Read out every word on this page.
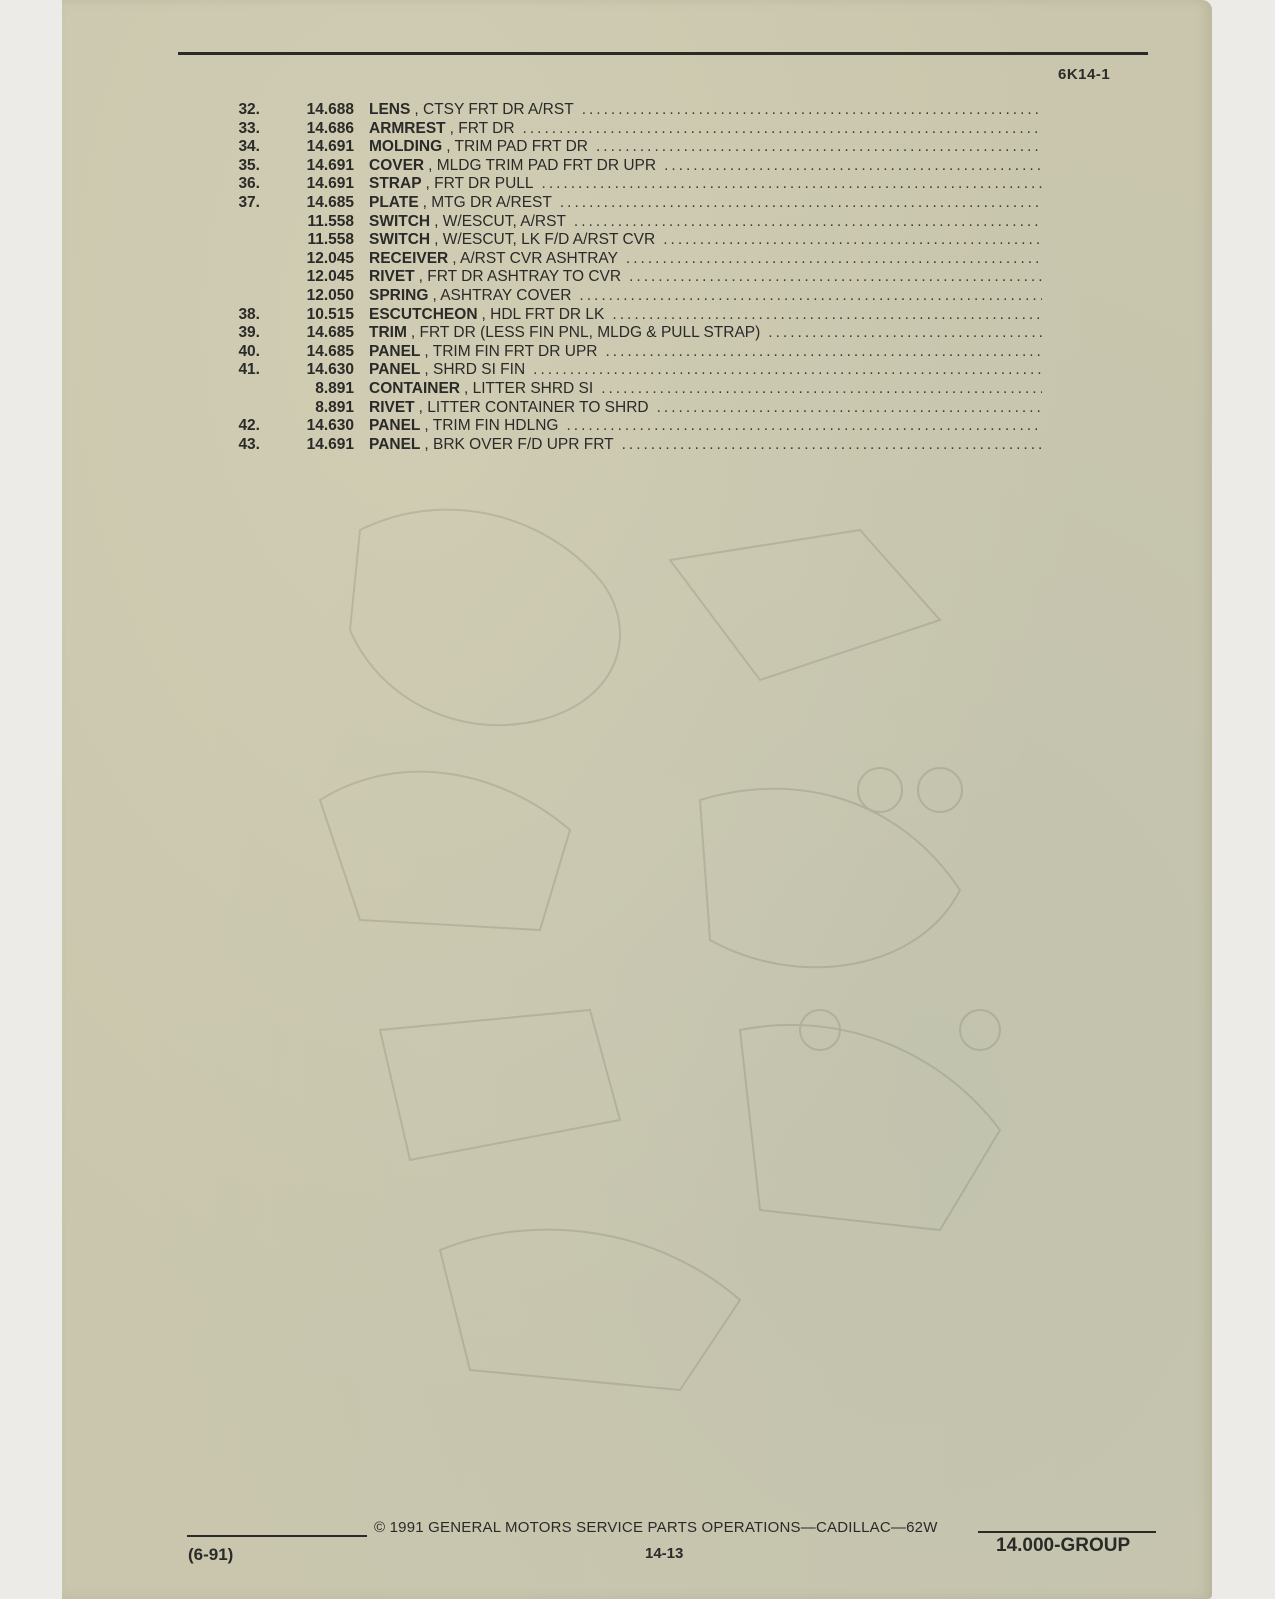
6K14-1
32.	14.688 LENS , CTSY FRT DR A/RST
.....
33.	14.686 ARMREST , FRT DR
.....
34.	14.691 MOLDING , TRIM PAD FRT DR
.....
35.	14.691 COVER , MLDG TRIM PAD FRT DR UPR
.....
36.	14.691 STRAP , FRT DR PULL
.....
37.	14.685 PLATE , MTG DR A/REST
.....
11.558 SWITCH , W/ESCUT, A/RST
.....
11.558 SWITCH , W/ESCUT, LK F/D A/RST CVR
.....
12.045 RECEIVER , A/RST CVR ASHTRAY
.....
12.045 RIVET , FRT DR ASHTRAY TO CVR
.....
12.050 SPRING , ASHTRAY COVER
.....
38.	10.515 ESCUTCHEON , HDL FRT DR LK
.....
39.	14.685 TRIM , FRT DR (LESS FIN PNL, MLDG & PULL STRAP)
.....
40.	14.685 PANEL , TRIM FIN FRT DR UPR
.....
41.	14.630 PANEL , SHRD SI FIN
.....
8.891 CONTAINER , LITTER SHRD SI
.....
8.891 RIVET , LITTER CONTAINER TO SHRD
.....
42.	14.630 PANEL , TRIM FIN HDLNG
.....
43.	14.691 PANEL , BRK OVER F/D UPR FRT
.....
© 1991 GENERAL MOTORS SERVICE PARTS OPERATIONS—CADILLAC—62W
(6-91)	14-13	14.000-GROUP
